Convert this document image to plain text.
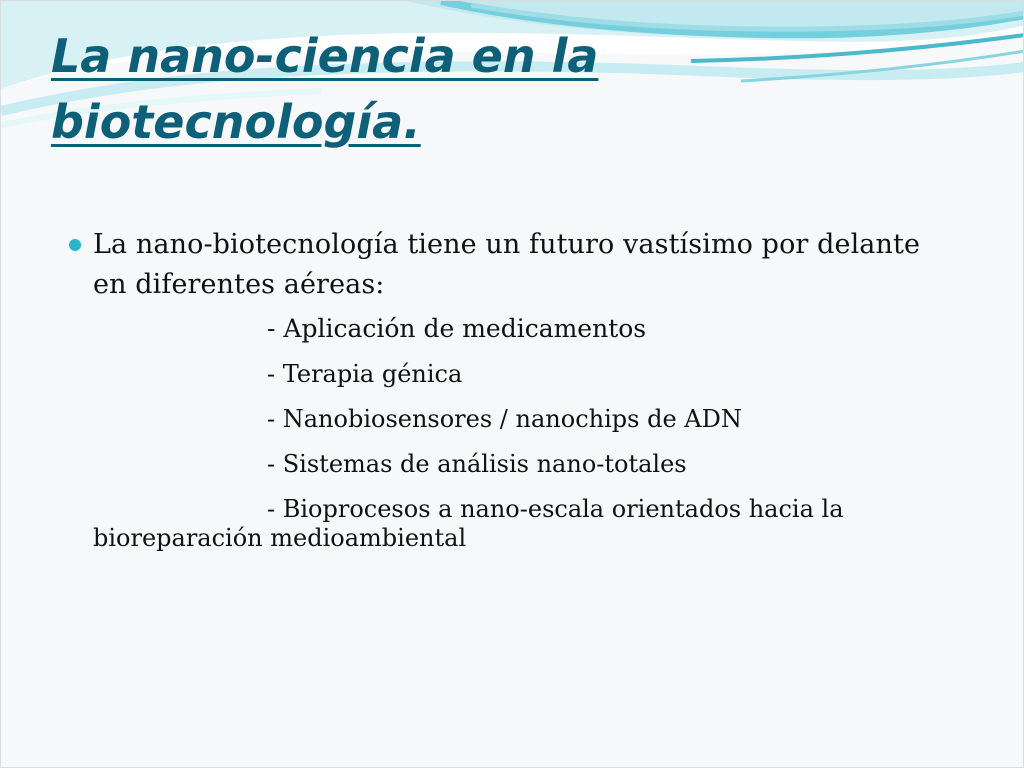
La nano-ciencia en la biotecnología.
La nano-biotecnología tiene un futuro vastísimo por delante en diferentes aéreas:
- Aplicación de medicamentos
- Terapia génica
- Nanobiosensores / nanochips de ADN
- Sistemas de análisis nano-totales
- Bioprocesos a nano-escala orientados hacia la
bioreparación medioambiental
